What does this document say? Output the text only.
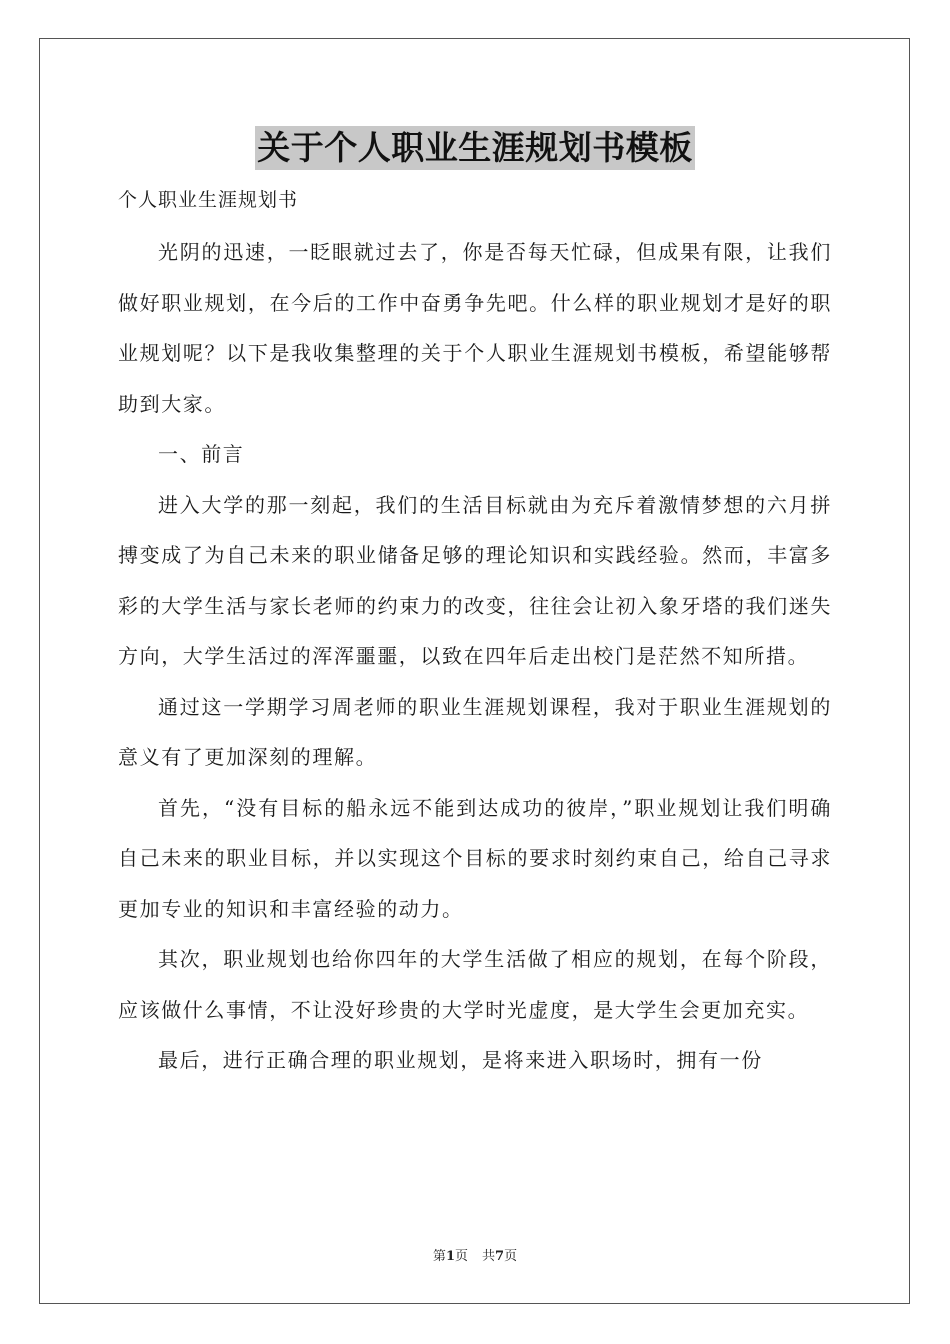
关于个人职业生涯规划书模板
个人职业生涯规划书

光阴的迅速，一眨眼就过去了，你是否每天忙碌，但成果有限，让我们做好职业规划，在今后的工作中奋勇争先吧。什么样的职业规划才是好的职业规划呢？以下是我收集整理的关于个人职业生涯规划书模板，希望能够帮助到大家。

一、前言

进入大学的那一刻起，我们的生活目标就由为充斥着激情梦想的六月拼搏变成了为自己未来的职业储备足够的理论知识和实践经验。然而，丰富多彩的大学生活与家长老师的约束力的改变，往往会让初入象牙塔的我们迷失方向，大学生活过的浑浑噩噩，以致在四年后走出校门是茫然不知所措。

通过这一学期学习周老师的职业生涯规划课程，我对于职业生涯规划的意义有了更加深刻的理解。

首先，“没有目标的船永远不能到达成功的彼岸，”职业规划让我们明确自己未来的职业目标，并以实现这个目标的要求时刻约束自己，给自己寻求更加专业的知识和丰富经验的动力。

其次，职业规划也给你四年的大学生活做了相应的规划，在每个阶段，应该做什么事情，不让没好珍贵的大学时光虚度，是大学生会更加充实。

最后，进行正确合理的职业规划，是将来进入职场时，拥有一份

第1页 共7页
